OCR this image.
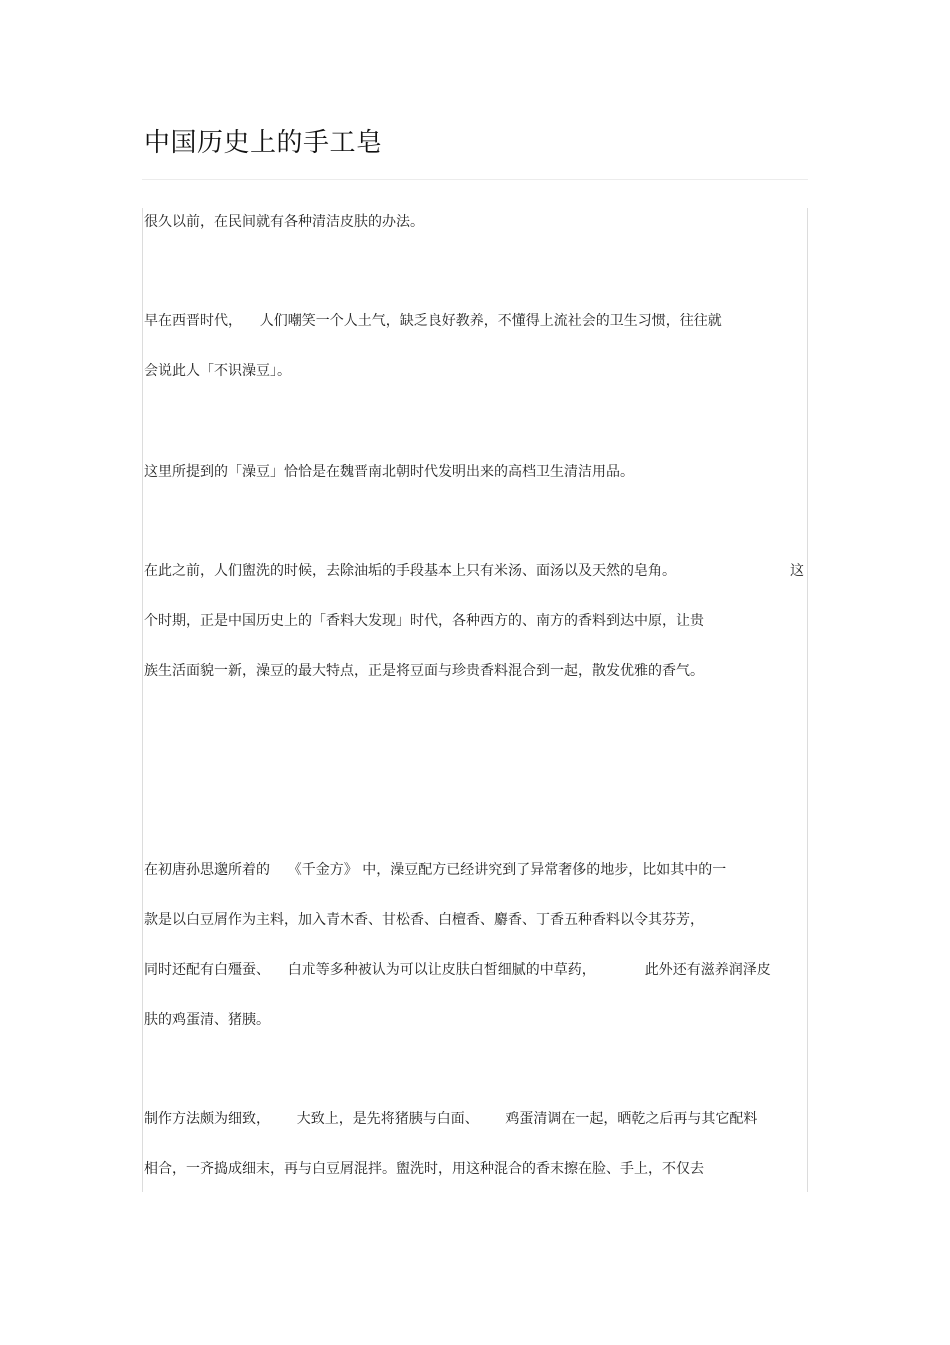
中国历史上的手工皂

很久以前，在民间就有各种清洁皮肤的办法。

早在西晋时代，    人们嘲笑一个人土气，缺乏良好教养，不懂得上流社会的卫生习惯，往往就

会说此人「不识澡豆」。

这里所提到的「澡豆」恰恰是在魏晋南北朝时代发明出来的高档卫生清洁用品。

在此之前，人们盥洗的时候，去除油垢的手段基本上只有米汤、面汤以及天然的皂角。	这

个时期，正是中国历史上的「香料大发现」时代，各种西方的、南方的香料到达中原，让贵

族生活面貌一新，澡豆的最大特点，正是将豆面与珍贵香料混合到一起，散发优雅的香气。

在初唐孙思邈所着的    《千金方》 中，澡豆配方已经讲究到了异常奢侈的地步，比如其中的一

款是以白豆屑作为主料，加入青木香、甘松香、白檀香、麝香、丁香五种香料以令其芬芳，

同时还配有白殭蚕、    白朮等多种被认为可以让皮肤白皙细腻的中草药，           此外还有滋养润泽皮

肤的鸡蛋清、猪胰。

制作方法颇为细致，      大致上，是先将猪胰与白面、      鸡蛋清调在一起，晒乾之后再与其它配料

相合，一齐捣成细末，再与白豆屑混拌。盥洗时，用这种混合的香末擦在脸、手上，不仅去
